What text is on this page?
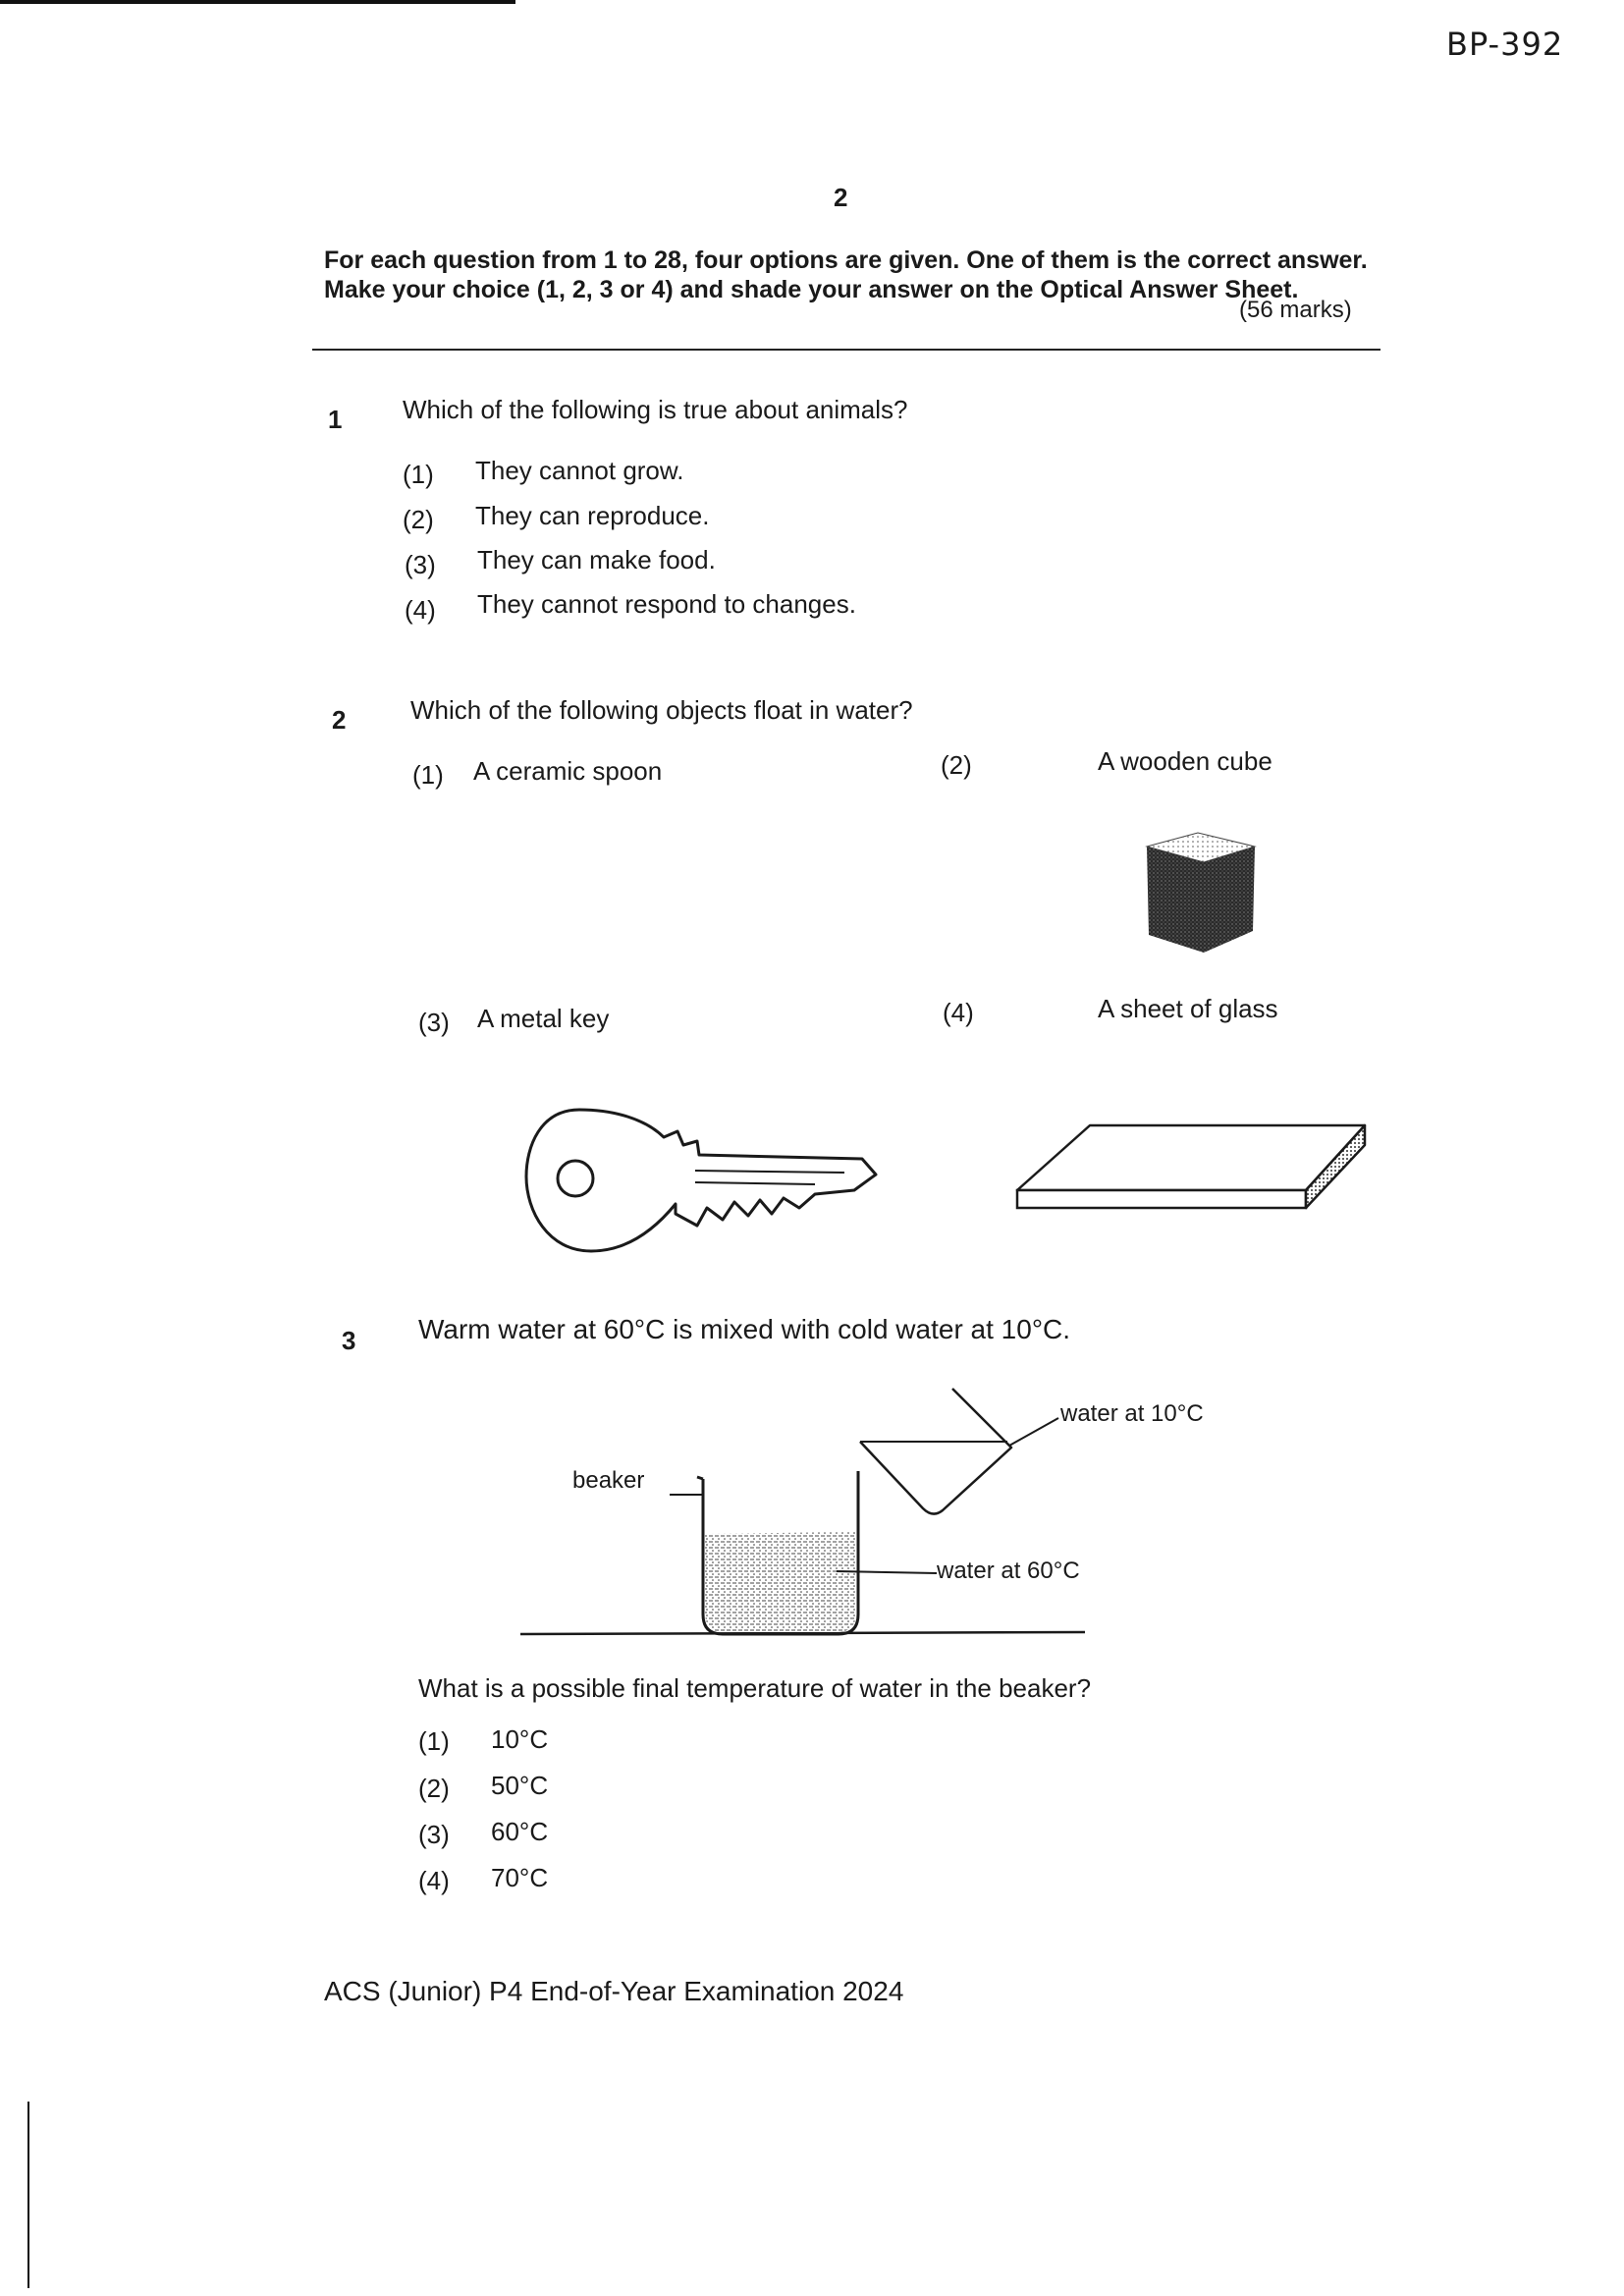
BP-392
2
For each question from 1 to 28, four options are given. One of them is the correct answer.
Make your choice (1, 2, 3 or 4) and shade your answer on the Optical Answer Sheet.
(56 marks)
1 Which of the following is true about animals?
(1) They cannot grow.
(2) They can reproduce.
(3) They can make food.
(4) They cannot respond to changes.
2	Which of the following objects float in water?
(1) A ceramic spoon	(2)	A wooden cube
(3) A metal key	(4)	A sheet of glass
3 Warm water at 60°C is mixed with cold water at 10°C.
water at 10°C
beaker
water at 60°C
What is a possible final temperature of water in the beaker?
(1) 10°C
(2) 50°C
(3) 60°C
(4) 70°C
ACS (Junior) P4 End-of-Year Examination 2024
